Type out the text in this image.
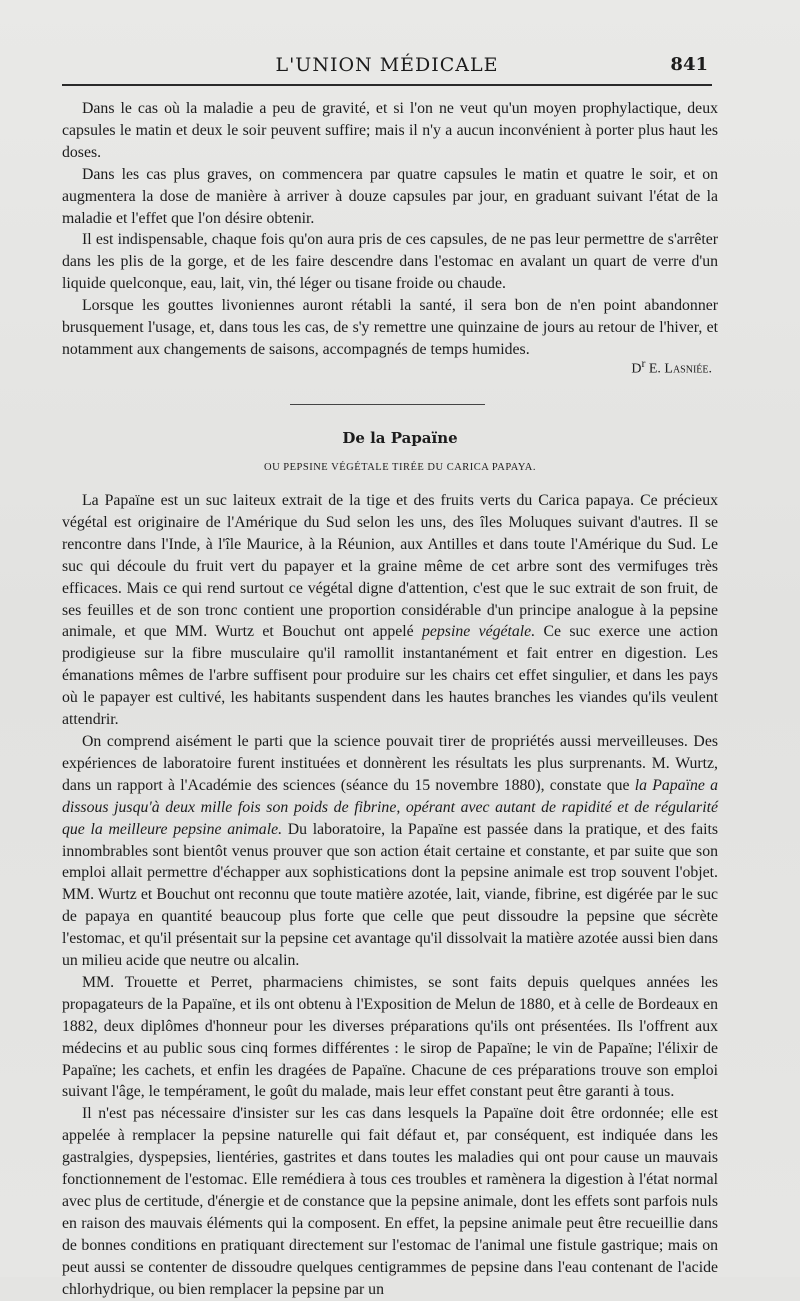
L'UNION MÉDICALE	841

Dans le cas où la maladie a peu de gravité, et si l'on ne veut qu'un moyen prophylactique, deux capsules le matin et deux le soir peuvent suffire; mais il n'y a aucun inconvénient à porter plus haut les doses.

Dans les cas plus graves, on commencera par quatre capsules le matin et quatre le soir, et on augmentera la dose de manière à arriver à douze capsules par jour, en graduant suivant l'état de la maladie et l'effet que l'on désire obtenir.

Il est indispensable, chaque fois qu'on aura pris de ces capsules, de ne pas leur permettre de s'arrêter dans les plis de la gorge, et de les faire descendre dans l'estomac en avalant un quart de verre d'un liquide quelconque, eau, lait, vin, thé léger ou tisane froide ou chaude.

Lorsque les gouttes livoniennes auront rétabli la santé, il sera bon de n'en point abandonner brusquement l'usage, et, dans tous les cas, de s'y remettre une quinzaine de jours au retour de l'hiver, et notamment aux changements de saisons, accompagnés de temps humides.

$D^r$ E. Lasniée.
De la Papaïne
OU PEPSINE VÉGÉTALE TIRÉE DU CARICA PAPAYA.

La Papaïne est un suc laiteux extrait de la tige et des fruits verts du Carica papaya. Ce précieux végétal est originaire de l'Amérique du Sud selon les uns, des îles Moluques suivant d'autres. Il se rencontre dans l'Inde, à l'île Maurice, à la Réunion, aux Antilles et dans toute l'Amérique du Sud. Le suc qui découle du fruit vert du papayer et la graine même de cet arbre sont des vermifuges très efficaces. Mais ce qui rend surtout ce végétal digne d'attention, c'est que le suc extrait de son fruit, de ses feuilles et de son tronc contient une proportion considérable d'un principe analogue à la pepsine animale, et que MM. Wurtz et Bouchut ont appelé pepsine végétale. Ce suc exerce une action prodigieuse sur la fibre musculaire qu'il ramollit instantanément et fait entrer en digestion. Les émanations mêmes de l'arbre suffisent pour produire sur les chairs cet effet singulier, et dans les pays où le papayer est cultivé, les habitants suspendent dans les hautes branches les viandes qu'ils veulent attendrir.

On comprend aisément le parti que la science pouvait tirer de propriétés aussi merveilleuses. Des expériences de laboratoire furent instituées et donnèrent les résultats les plus surprenants. M. Wurtz, dans un rapport à l'Académie des sciences (séance du 15 novembre 1880), constate que la Papaïne a dissous jusqu'à deux mille fois son poids de fibrine, opérant avec autant de rapidité et de régularité que la meilleure pepsine animale. Du laboratoire, la Papaïne est passée dans la pratique, et des faits innombrables sont bientôt venus prouver que son action était certaine et constante, et par suite que son emploi allait permettre d'échapper aux sophistications dont la pepsine animale est trop souvent l'objet. MM. Wurtz et Bouchut ont reconnu que toute matière azotée, lait, viande, fibrine, est digérée par le suc de papaya en quantité beaucoup plus forte que celle que peut dissoudre la pepsine que sécrète l'estomac, et qu'il présentait sur la pepsine cet avantage qu'il dissolvait la matière azotée aussi bien dans un milieu acide que neutre ou alcalin.

MM. Trouette et Perret, pharmaciens chimistes, se sont faits depuis quelques années les propagateurs de la Papaïne, et ils ont obtenu à l'Exposition de Melun de 1880, et à celle de Bordeaux en 1882, deux diplômes d'honneur pour les diverses préparations qu'ils ont présentées. Ils l'offrent aux médecins et au public sous cinq formes différentes : le sirop de Papaïne; le vin de Papaïne; l'élixir de Papaïne; les cachets, et enfin les dragées de Papaïne. Chacune de ces préparations trouve son emploi suivant l'âge, le tempérament, le goût du malade, mais leur effet constant peut être garanti à tous.

Il n'est pas nécessaire d'insister sur les cas dans lesquels la Papaïne doit être ordonnée; elle est appelée à remplacer la pepsine naturelle qui fait défaut et, par conséquent, est indiquée dans les gastralgies, dyspepsies, lientéries, gastrites et dans toutes les maladies qui ont pour cause un mauvais fonctionnement de l'estomac. Elle remédiera à tous ces troubles et ramènera la digestion à l'état normal avec plus de certitude, d'énergie et de constance que la pepsine animale, dont les effets sont parfois nuls en raison des mauvais éléments qui la composent. En effet, la pepsine animale peut être recueillie dans de bonnes conditions en pratiquant directement sur l'estomac de l'animal une fistule gastrique; mais on peut aussi se contenter de dissoudre quelques centigrammes de pepsine dans l'eau contenant de l'acide chlorhydrique, ou bien remplacer la pepsine par un
